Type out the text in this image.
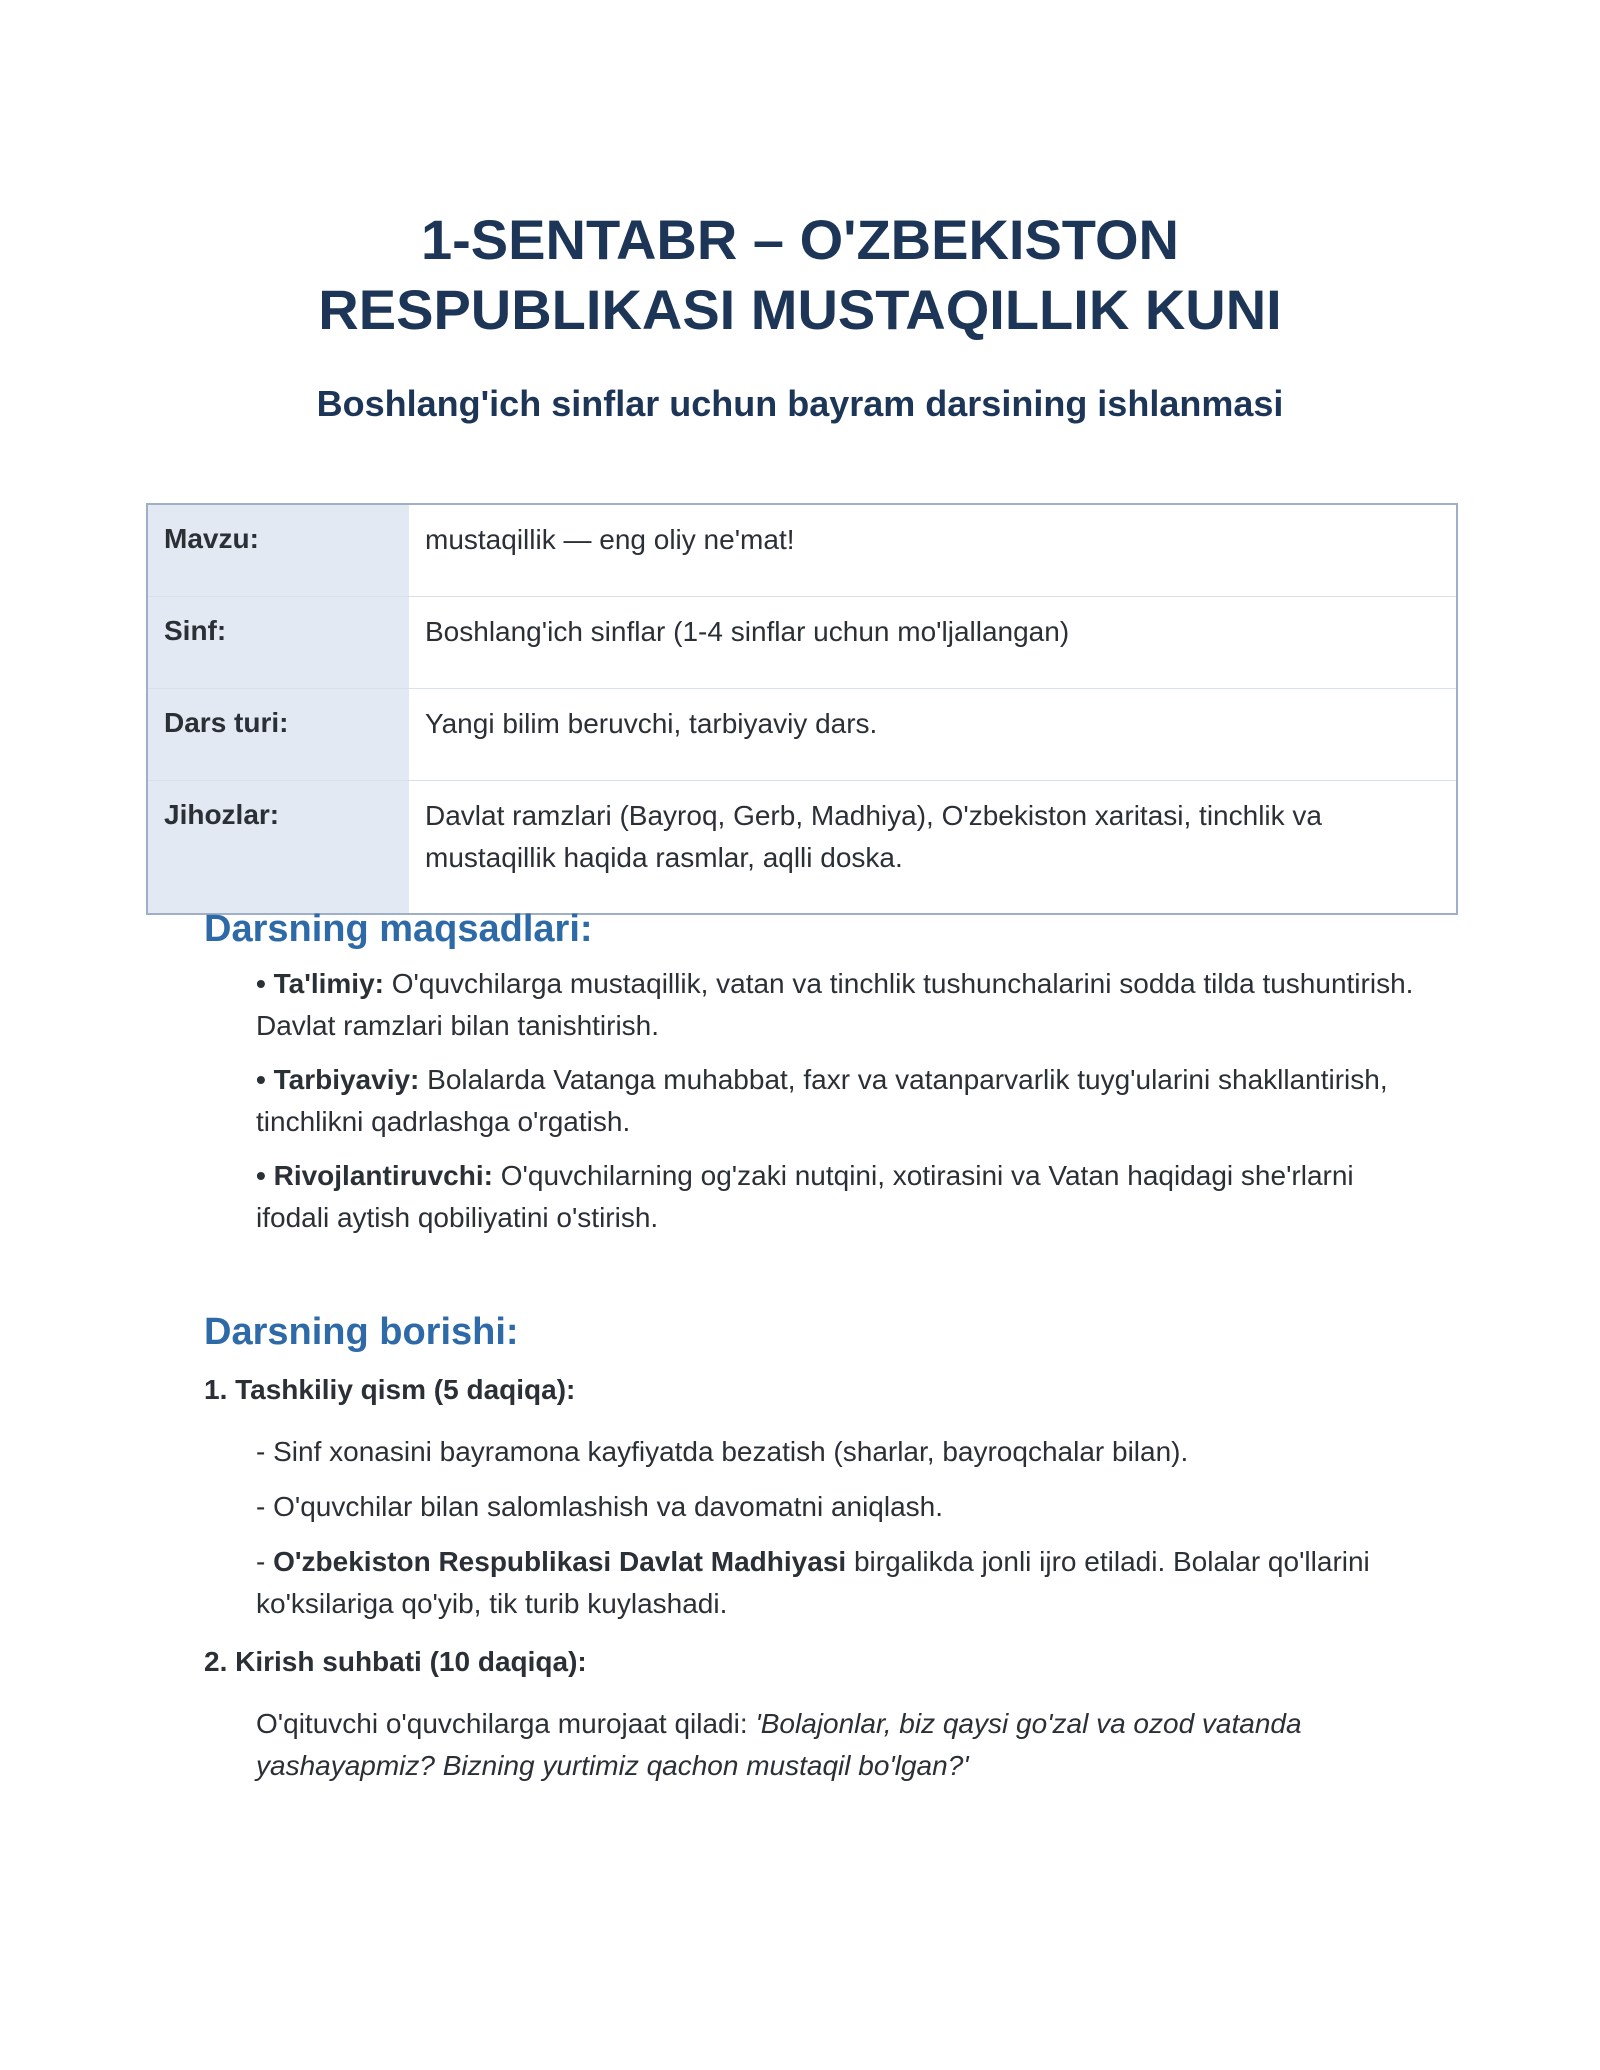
1-SENTABR – O'ZBEKISTON
RESPUBLIKASI MUSTAQILLIK KUNI
Boshlang'ich sinflar uchun bayram darsining ishlanmasi
Mavzu:	mustaqillik — eng oliy ne'mat!

Sinf:	Boshlang'ich sinflar (1-4 sinflar uchun mo'ljallangan)

Dars turi:	Yangi bilim beruvchi, tarbiyaviy dars.

Jihozlar:	Davlat ramzlari (Bayroq, Gerb, Madhiya), O'zbekiston xaritasi, tinchlik va mustaqillik haqida rasmlar, aqlli doska.
Darsning maqsadlari:
• Ta'limiy: O'quvchilarga mustaqillik, vatan va tinchlik tushunchalarini sodda tilda tushuntirish. Davlat ramzlari bilan tanishtirish.
• Tarbiyaviy: Bolalarda Vatanga muhabbat, faxr va vatanparvarlik tuyg'ularini shakllantirish, tinchlikni qadrlashga o'rgatish.
• Rivojlantiruvchi: O'quvchilarning og'zaki nutqini, xotirasini va Vatan haqidagi she'rlarni ifodali aytish qobiliyatini o'stirish.
Darsning borishi:
1. Tashkiliy qism (5 daqiqa):
- Sinf xonasini bayramona kayfiyatda bezatish (sharlar, bayroqchalar bilan).
- O'quvchilar bilan salomlashish va davomatni aniqlash.
- O'zbekiston Respublikasi Davlat Madhiyasi birgalikda jonli ijro etiladi. Bolalar qo'llarini ko'ksilariga qo'yib, tik turib kuylashadi.
2. Kirish suhbati (10 daqiqa):
O'qituvchi o'quvchilarga murojaat qiladi: 'Bolajonlar, biz qaysi go'zal va ozod vatanda yashayapmiz? Bizning yurtimiz qachon mustaqil bo'lgan?'
